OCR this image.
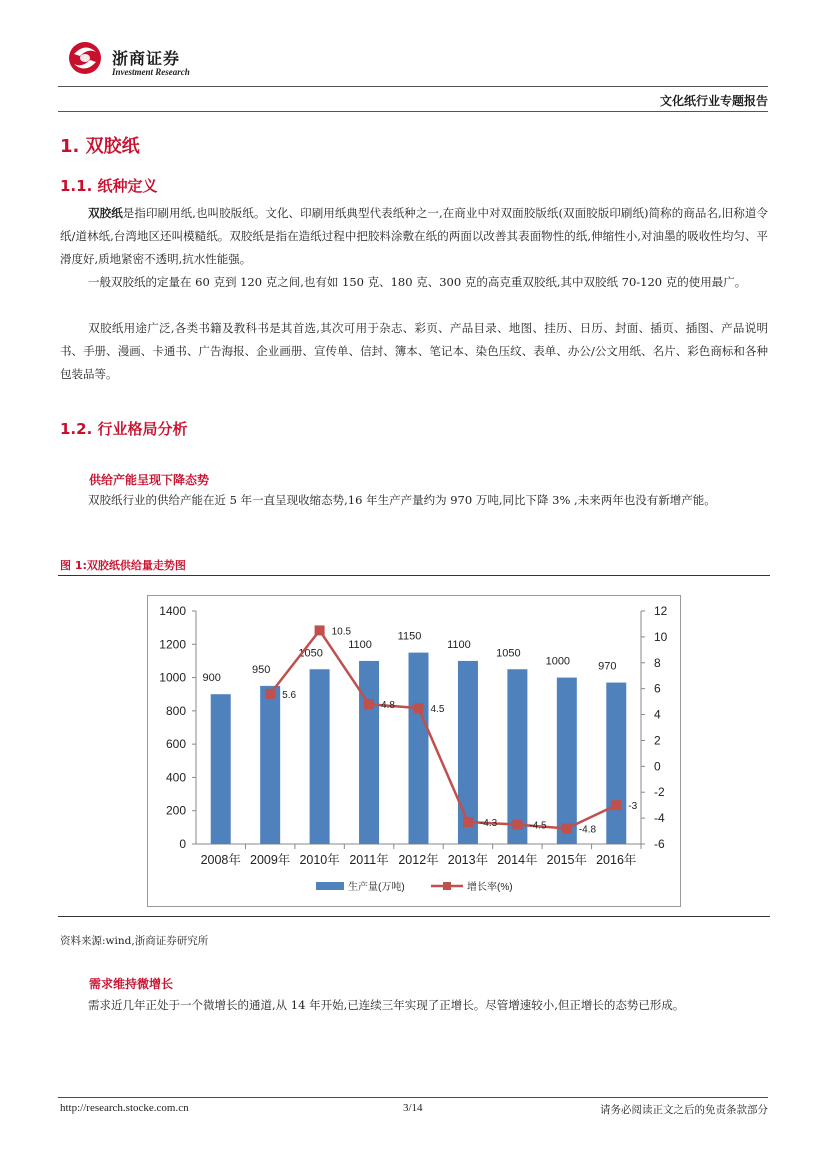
浙商证券
Investment Research
文化纸行业专题报告
1. 双胶纸
1.1. 纸种定义
双胶纸是指印刷用纸,也叫胶版纸。文化、印刷用纸典型代表纸种之一,在商业中对双面胶版纸(双面胶版印刷纸)简称的商品名,旧称道令纸/道林纸,台湾地区还叫模糙纸。双胶纸是指在造纸过程中把胶料涂敷在纸的两面以改善其表面物性的纸,伸缩性小,对油墨的吸收性均匀、平滑度好,质地紧密不透明,抗水性能强。
一般双胶纸的定量在 60 克到 120 克之间,也有如 150 克、180 克、300 克的高克重双胶纸,其中双胶纸 70-120 克的使用最广。
双胶纸用途广泛,各类书籍及教科书是其首选,其次可用于杂志、彩页、产品目录、地图、挂历、日历、封面、插页、插图、产品说明书、手册、漫画、卡通书、广告海报、企业画册、宣传单、信封、簿本、笔记本、染色压纹、表单、办公/公文用纸、名片、彩色商标和各种包装品等。
1.2. 行业格局分析
供给产能呈现下降态势
双胶纸行业的供给产能在近 5 年一直呈现收缩态势,16 年生产产量约为 970 万吨,同比下降 3% ,未来两年也没有新增产能。
图 1:双胶纸供给量走势图
0
200
400
600
800
1000
1200
1400
-6
-4
-2
0
2
4
6
8
10
12
2008年
900
2009年
950
2010年
1050
2011年
1100
2012年
1150
2013年
1100
2014年
1050
2015年
1000
2016年
970
5.6
10.5
4.8	4.5
-4.3	-4.5	-4.8
-3
生产量(万吨)	增长率(%)
资料来源:wind,浙商证券研究所
需求维持微增长
需求近几年正处于一个微增长的通道,从 14 年开始,已连续三年实现了正增长。尽管增速较小,但正增长的态势已形成。
http://research.stocke.com.cn	3/14	请务必阅读正文之后的免责条款部分
